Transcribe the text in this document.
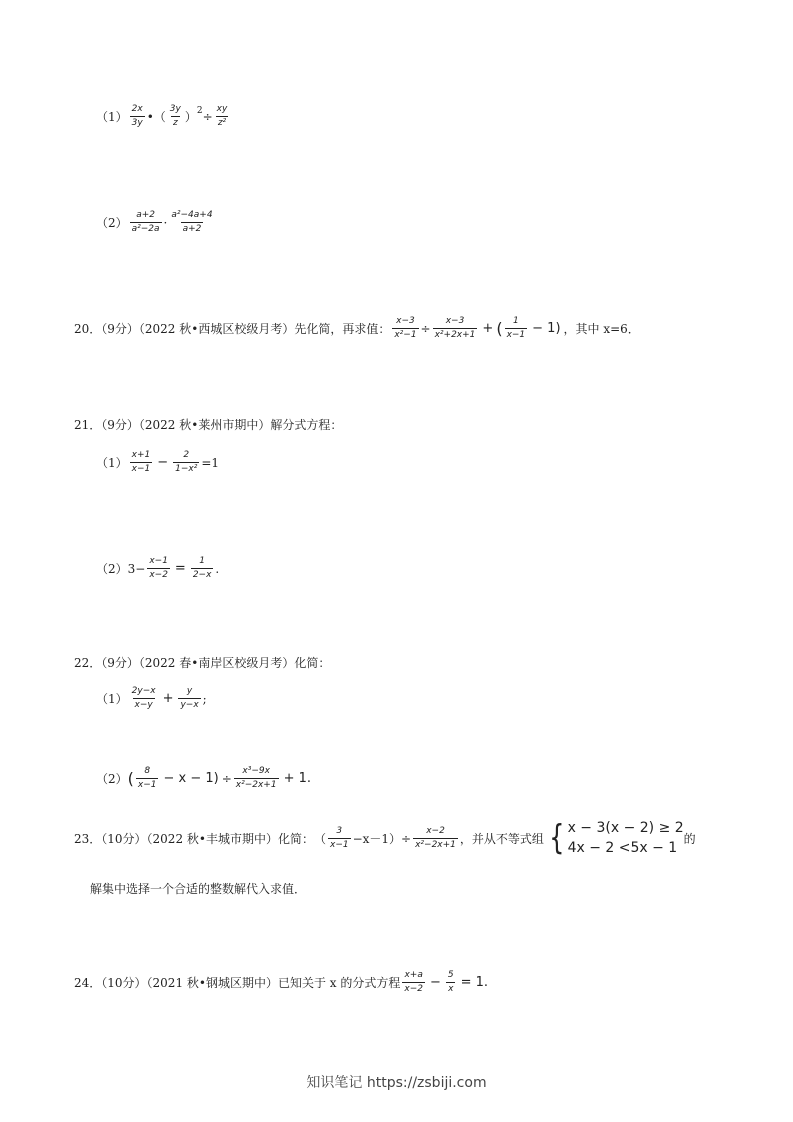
$(1) \frac{2x}{3y}$ • （ $\frac{3y}{z}$ ） $2 \div \frac{xy}{\text{z²}}$
$(2) \frac{a+2}{\text{a²−2a}} \cdot \frac{\text{a²−4a+4}}{a+2}$
20．（9分）（2022 秋•西城区校级月考）先化简，再求值： $\frac{x-3}{\text{x²−1}} \div \frac{x-3}{\text{x²+2x+1}}$ + ( $\frac{1}{x-1} - 1$) ，其中 x=6．
21．（9分）（2022 秋•莱州市期中）解分式方程：
$(1) \frac{x+1}{x-1} - \frac{2}{\text{1−x²}} =1$
$(2)3- \frac{x-1}{x-2} = \frac{1}{2-x}$ .
22．（9分）（2022 春•南岸区校级月考）化简：
$(1) \frac{2y-x}{x-y} + \frac{y}{y-x}$ ;
（2） ( $\frac{8}{x-1} - x - 1) \div \frac{\text{x³−9x}}{\text{x²−2x+1}} + 1$.
23．（10分）（2022 秋•丰城市期中）化简： （ $\frac{3}{x-1} -x-1)\div \frac{x-2}{\text{x²−2x+1}}$ ，并从不等式组 { x − 3(x − 2) ≥ 2
4x − 2 <5x − 1
的
解集中选择一个合适的整数解代入求值．
24．（10分）（2021 秋•钢城区期中）已知关于 x 的分式方程 $\frac{x+a}{x-2} - \frac{5}{x} = 1$.
知识笔记 https://zsbiji.com
